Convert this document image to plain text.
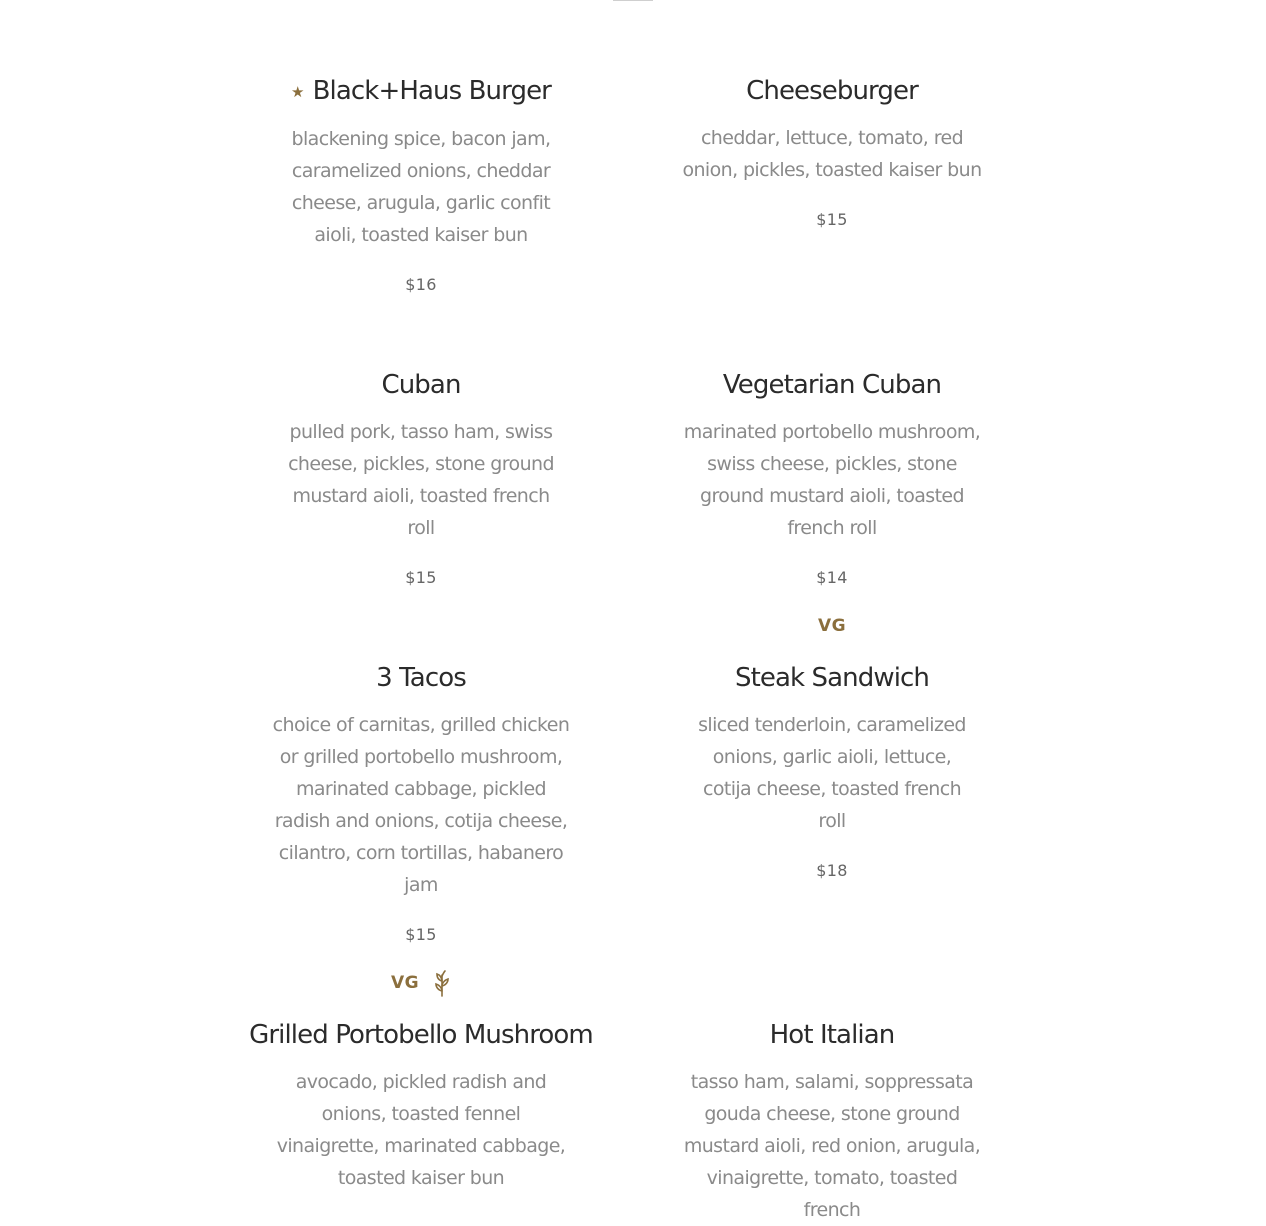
★ Black+Haus Burger

blackening spice, bacon jam, caramelized onions, cheddar cheese, arugula, garlic confit aioli, toasted kaiser bun

$16
Cheeseburger

cheddar, lettuce, tomato, red onion, pickles, toasted kaiser bun

$15
Cuban

pulled pork, tasso ham, swiss cheese, pickles, stone ground mustard aioli, toasted french roll

$15
Vegetarian Cuban

marinated portobello mushroom, swiss cheese, pickles, stone ground mustard aioli, toasted french roll

$14
VG
3 Tacos

choice of carnitas, grilled chicken or grilled portobello mushroom, marinated cabbage, pickled radish and onions, cotija cheese, cilantro, corn tortillas, habanero jam

$15
VG
Steak Sandwich

sliced tenderloin, caramelized onions, garlic aioli, lettuce, cotija cheese, toasted french roll

$18
Grilled Portobello Mushroom

avocado, pickled radish and onions, toasted fennel vinaigrette, marinated cabbage, toasted kaiser bun

Hot Italian

tasso ham, salami, soppressata gouda cheese, stone ground mustard aioli, red onion, arugula, vinaigrette, tomato, toasted french
